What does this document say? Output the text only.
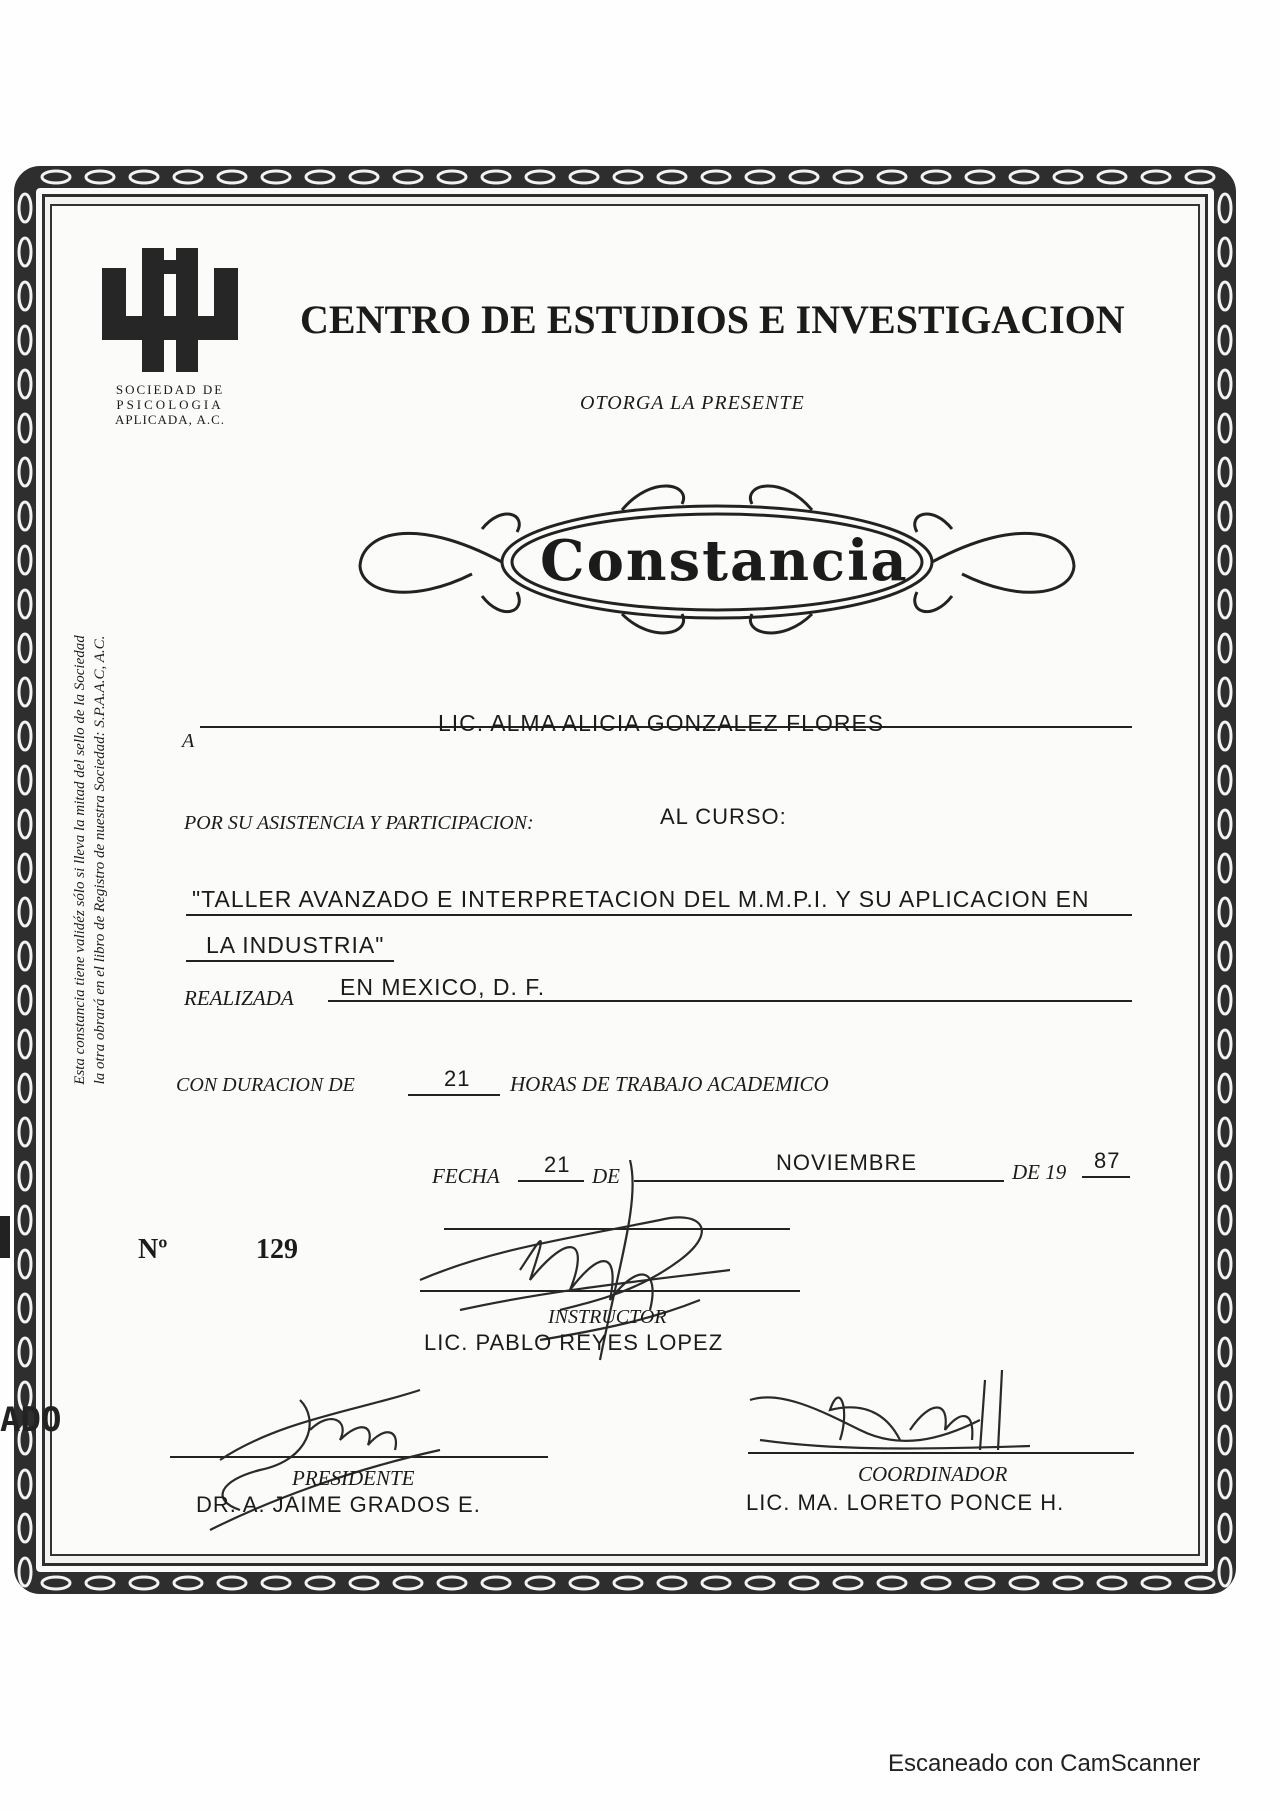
SOCIEDAD DE
PSICOLOGIA
APLICADA, A.C.
CENTRO DE ESTUDIOS E INVESTIGACION
OTORGA LA PRESENTE
Constancia
Esta constancia tiene validéz sólo si lleva la mitad del sello de la Sociedad la otra obrará en el libro de Registro de nuestra Sociedad: S.P.A.A.C, A.C.	A
LIC. ALMA ALICIA GONZALEZ FLORES
POR SU ASISTENCIA Y PARTICIPACION:	AL CURSO:
"TALLER AVANZADO E INTERPRETACION DEL M.M.P.I. Y SU APLICACION EN
LA INDUSTRIA"
REALIZADA EN MEXICO, D. F.
CON DURACION DE	21 HORAS DE TRABAJO ACADEMICO
FECHA 21 DE
NOVIEMBRE	DE 19 87
Nº	129
INSTRUCTOR
LIC. PABLO REYES LOPEZ
ADO
PRESIDENTE
DR. A. JAIME GRADOS E.
COORDINADOR
LIC. MA. LORETO PONCE H.
Escaneado con CamScanner
